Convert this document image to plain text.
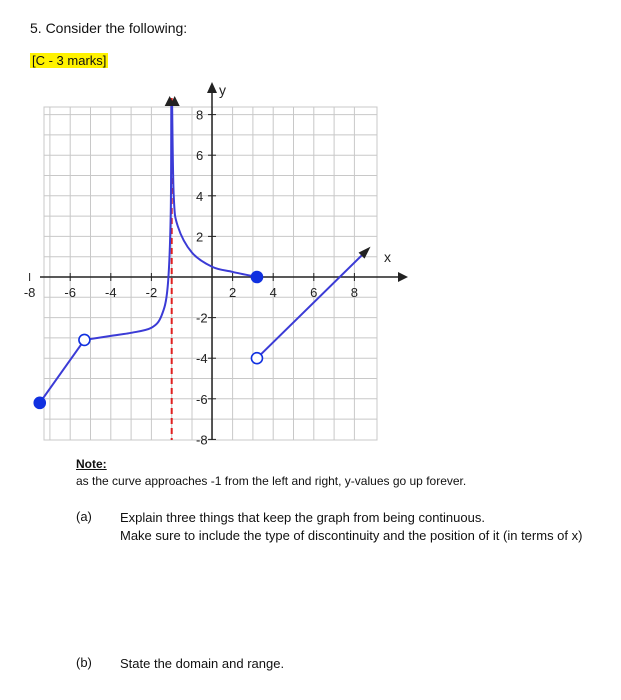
5. Consider the following:
[C - 3 marks]
x
y
-8 -6 -4 -2	2	4	6	8
8
6
4
2
-2
-4
-6
-8
Note:
as the curve approaches -1 from the left and right, y-values go up forever.
(a) Explain three things that keep the graph from being continuous.
Make sure to include the type of discontinuity and the position of it (in terms of x)
(b) State the domain and range.
